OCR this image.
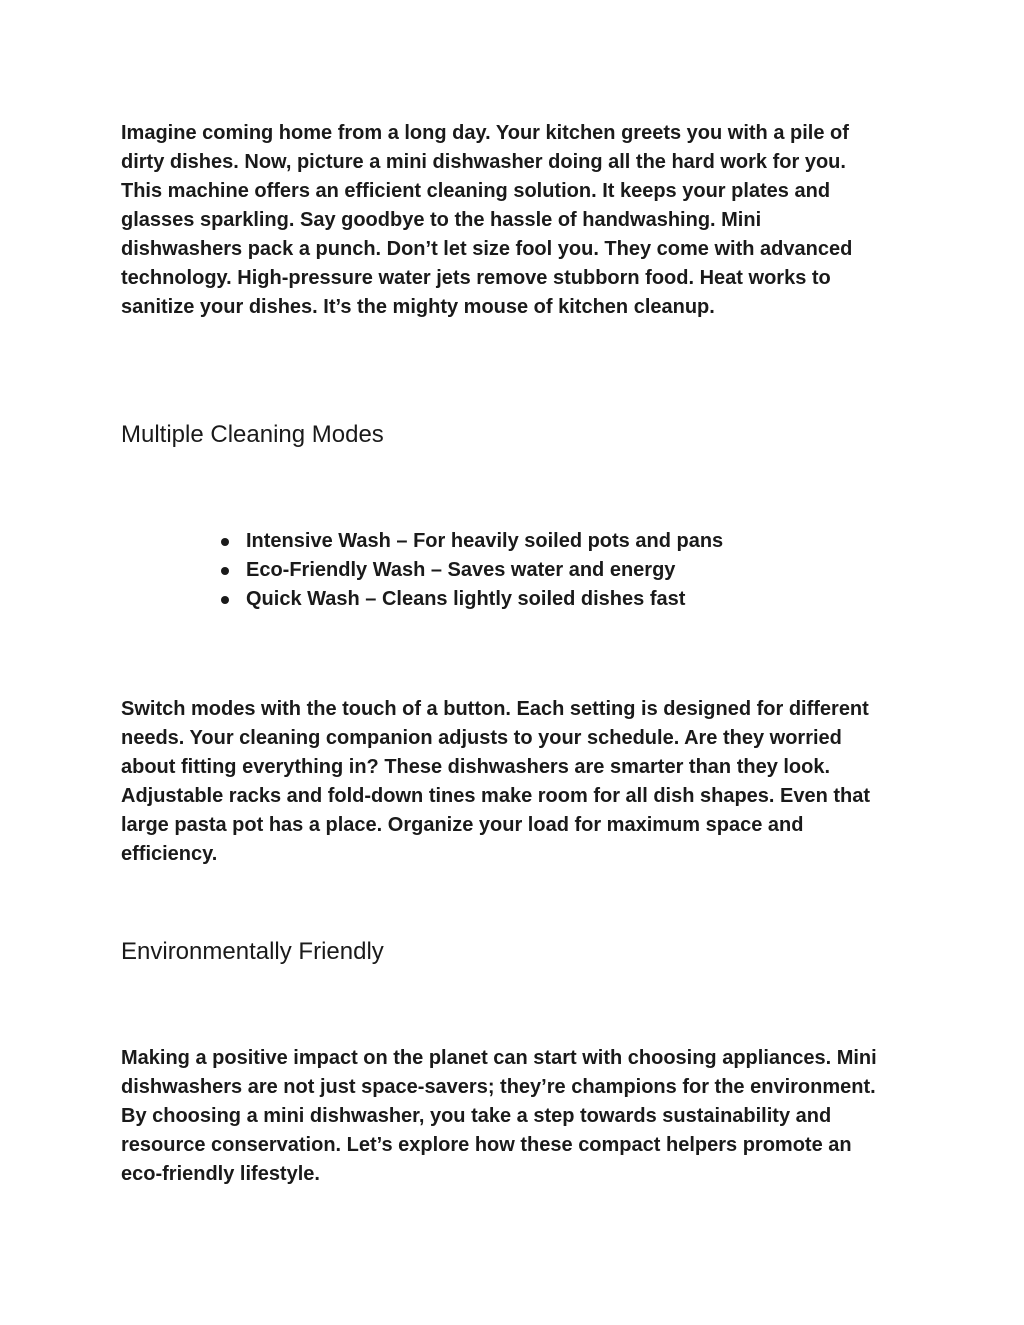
Imagine coming home from a long day. Your kitchen greets you with a pile of dirty dishes. Now, picture a mini dishwasher doing all the hard work for you. This machine offers an efficient cleaning solution. It keeps your plates and glasses sparkling. Say goodbye to the hassle of handwashing. Mini dishwashers pack a punch. Don’t let size fool you. They come with advanced technology. High-pressure water jets remove stubborn food. Heat works to sanitize your dishes. It’s the mighty mouse of kitchen cleanup.

Multiple Cleaning Modes
Intensive Wash – For heavily soiled pots and pans
Eco-Friendly Wash – Saves water and energy
Quick Wash – Cleans lightly soiled dishes fast

Switch modes with the touch of a button. Each setting is designed for different needs. Your cleaning companion adjusts to your schedule. Are they worried about fitting everything in? These dishwashers are smarter than they look. Adjustable racks and fold-down tines make room for all dish shapes. Even that large pasta pot has a place. Organize your load for maximum space and efficiency.

Environmentally Friendly

Making a positive impact on the planet can start with choosing appliances. Mini dishwashers are not just space-savers; they’re champions for the environment. By choosing a mini dishwasher, you take a step towards sustainability and resource conservation. Let’s explore how these compact helpers promote an eco-friendly lifestyle.
